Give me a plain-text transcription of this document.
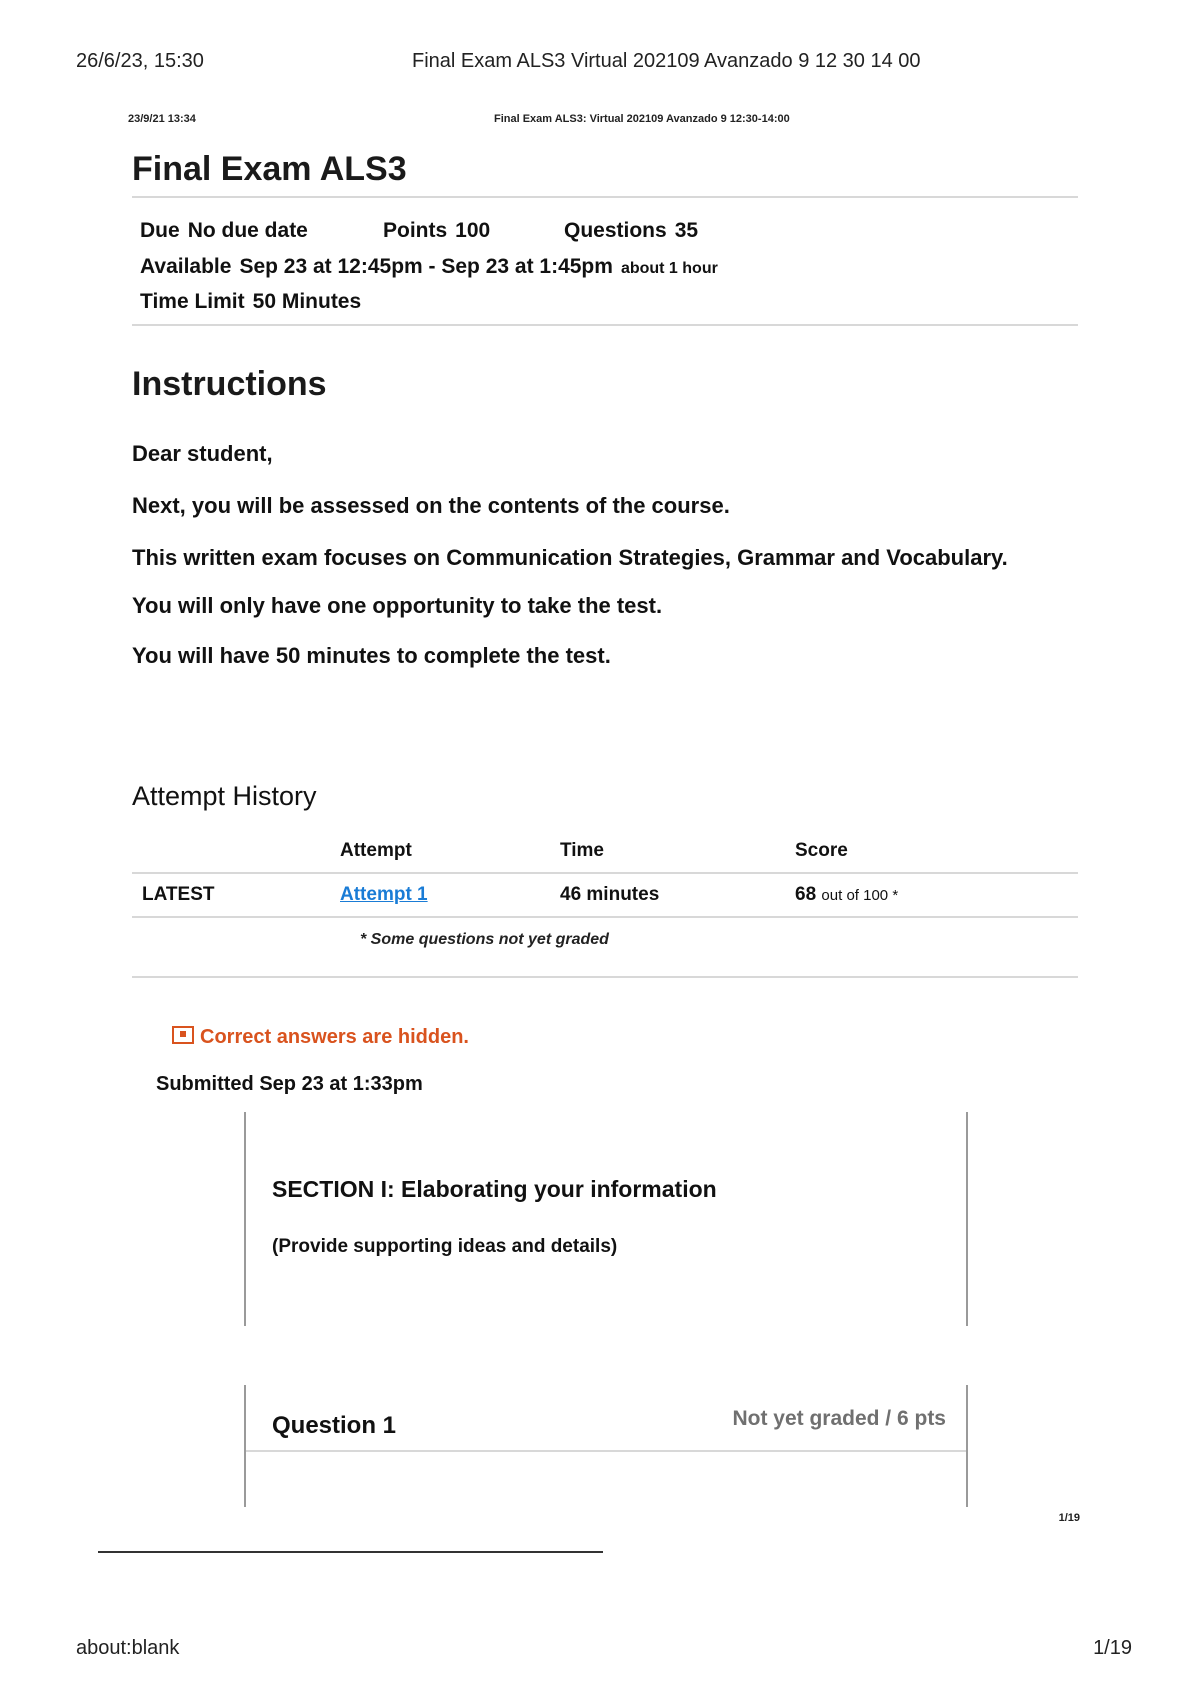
26/6/23, 15:30	Final Exam ALS3 Virtual 202109 Avanzado 9 12 30 14 00
23/9/21 13:34	Final Exam ALS3: Virtual 202109 Avanzado 9 12:30-14:00
Final Exam ALS3
Due No due date	Points 100	Questions 35
Available Sep 23 at 12:45pm - Sep 23 at 1:45pm about 1 hour
Time Limit 50 Minutes
Instructions

Dear student,

Next, you will be assessed on the contents of the course.

This written exam focuses on Communication Strategies, Grammar and Vocabulary.

You will only have one opportunity to take the test.

You will have 50 minutes to complete the test.

Attempt History
	Attempt	Time	Score
LATEST	Attempt 1	46 minutes	68 out of 100 *
* Some questions not yet graded
Correct answers are hidden.
Submitted Sep 23 at 1:33pm
SECTION I: Elaborating your information
(Provide supporting ideas and details)
Question 1	Not yet graded / 6 pts
1/19
about:blank	1/19
